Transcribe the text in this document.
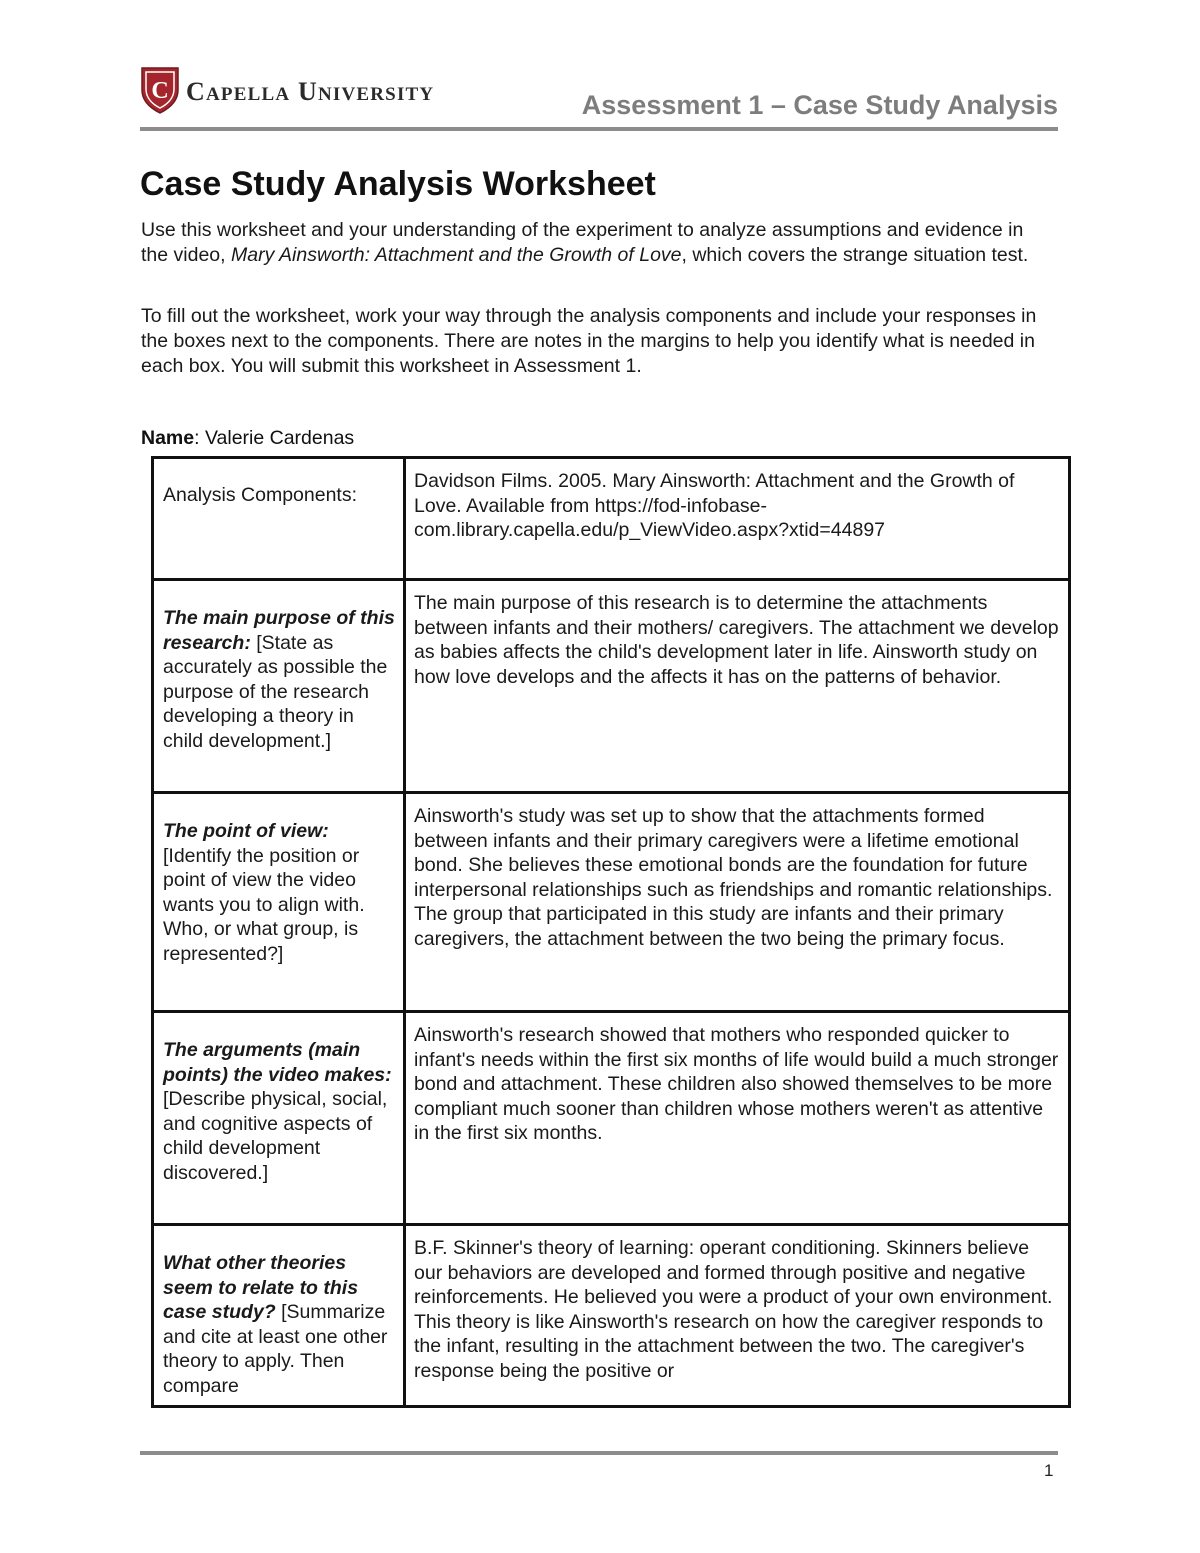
C CAPELLA UNIVERSITY	Assessment 1 – Case Study Analysis
Case Study Analysis Worksheet

Use this worksheet and your understanding of the experiment to analyze assumptions and evidence in the video, Mary Ainsworth: Attachment and the Growth of Love, which covers the strange situation test.

To fill out the worksheet, work your way through the analysis components and include your responses in the boxes next to the components. There are notes in the margins to help you identify what is needed in each box. You will submit this worksheet in Assessment 1.

Name: Valerie Cardenas
Analysis Components:	Davidson Films. 2005. Mary Ainsworth: Attachment and the Growth of Love. Available from https://fod-infobase-com.library.capella.edu/p_ViewVideo.aspx?xtid=44897
The main purpose of this research: [State as accurately as possible the purpose of the research developing a theory in child development.]	The main purpose of this research is to determine the attachments between infants and their mothers/ caregivers. The attachment we develop as babies affects the child's development later in life. Ainsworth study on how love develops and the affects it has on the patterns of behavior.
The point of view: [Identify the position or point of view the video wants you to align with. Who, or what group, is represented?]	Ainsworth's study was set up to show that the attachments formed between infants and their primary caregivers were a lifetime emotional bond. She believes these emotional bonds are the foundation for future interpersonal relationships such as friendships and romantic relationships. The group that participated in this study are infants and their primary caregivers, the attachment between the two being the primary focus.
The arguments (main points) the video makes: [Describe physical, social, and cognitive aspects of child development discovered.]	Ainsworth's research showed that mothers who responded quicker to infant's needs within the first six months of life would build a much stronger bond and attachment. These children also showed themselves to be more compliant much sooner than children whose mothers weren't as attentive in the first six months.
What other theories seem to relate to this case study? [Summarize and cite at least one other theory to apply. Then compare	B.F. Skinner's theory of learning: operant conditioning. Skinners believe our behaviors are developed and formed through positive and negative reinforcements. He believed you were a product of your own environment. This theory is like Ainsworth's research on how the caregiver responds to the infant, resulting in the attachment between the two. The caregiver's response being the positive or
1
